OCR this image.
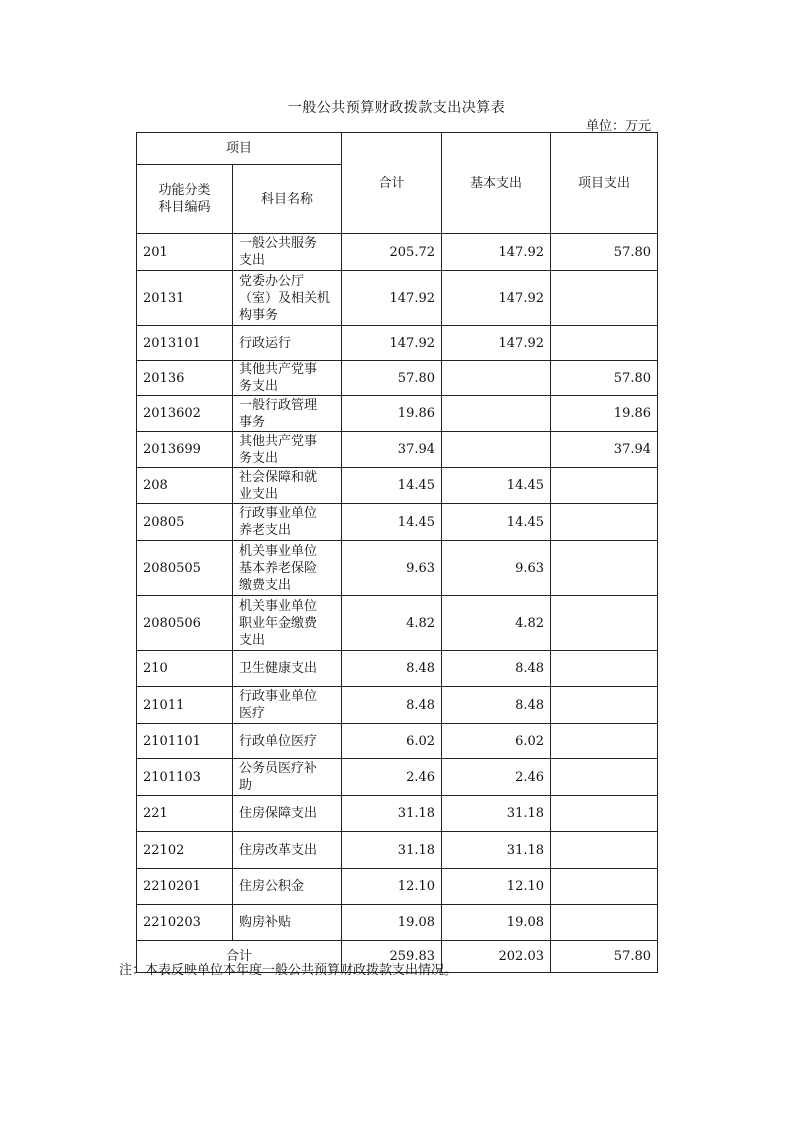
一般公共预算财政拨款支出决算表
单位：万元
项目		合计	基本支出	项目支出
功能分类
科目编码	科目名称			
201	一般公共服务
支出	205.72	147.92	57.80
20131	党委办公厅
（室）及相关机
构事务	147.92	147.92	
2013101	行政运行	147.92	147.92	
20136	其他共产党事
务支出	57.80		57.80
2013602	一般行政管理
事务	19.86		19.86
2013699	其他共产党事
务支出	37.94		37.94
208	社会保障和就
业支出	14.45	14.45	
20805	行政事业单位
养老支出	14.45	14.45	
2080505	机关事业单位
基本养老保险
缴费支出	9.63	9.63	
2080506	机关事业单位
职业年金缴费
支出	4.82	4.82	
210	卫生健康支出	8.48	8.48	
21011	行政事业单位
医疗	8.48	8.48	
2101101	行政单位医疗	6.02	6.02	
2101103	公务员医疗补
助	2.46	2.46	
221	住房保障支出	31.18	31.18	
22102	住房改革支出	31.18	31.18	
2210201	住房公积金	12.10	12.10	
2210203	购房补贴	19.08	19.08	
合计		259.83	202.03	57.80
注：本表反映单位本年度一般公共预算财政拨款支出情况。
